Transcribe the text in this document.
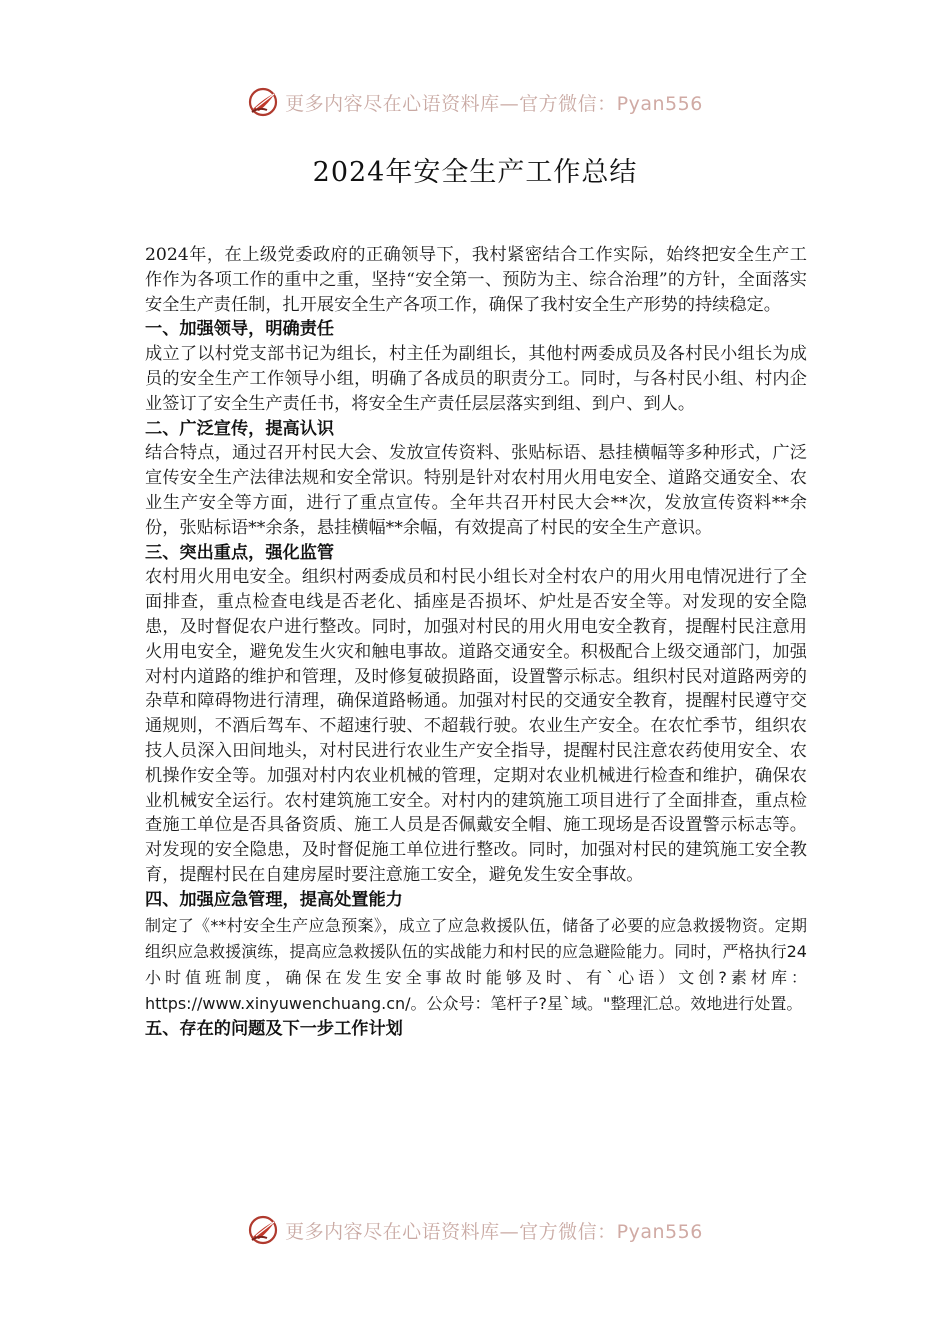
更多内容尽在心语资料库—官方微信：Pyan556
2024年安全生产工作总结

2024年，在上级党委政府的正确领导下，我村紧密结合工作实际，始终把安全生产工作作为各项工作的重中之重，坚持“安全第一、预防为主、综合治理”的方针，全面落实安全生产责任制，扎开展安全生产各项工作，确保了我村安全生产形势的持续稳定。

一、加强领导，明确责任

成立了以村党支部书记为组长，村主任为副组长，其他村两委成员及各村民小组长为成员的安全生产工作领导小组，明确了各成员的职责分工。同时，与各村民小组、村内企业签订了安全生产责任书，将安全生产责任层层落实到组、到户、到人。

二、广泛宣传，提高认识

结合特点，通过召开村民大会、发放宣传资料、张贴标语、悬挂横幅等多种形式，广泛宣传安全生产法律法规和安全常识。特别是针对农村用火用电安全、道路交通安全、农业生产安全等方面，进行了重点宣传。全年共召开村民大会**次，发放宣传资料**余份，张贴标语**余条，悬挂横幅**余幅，有效提高了村民的安全生产意识。

三、突出重点，强化监管

农村用火用电安全。组织村两委成员和村民小组长对全村农户的用火用电情况进行了全面排查，重点检查电线是否老化、插座是否损坏、炉灶是否安全等。对发现的安全隐患，及时督促农户进行整改。同时，加强对村民的用火用电安全教育，提醒村民注意用火用电安全，避免发生火灾和触电事故。道路交通安全。积极配合上级交通部门，加强对村内道路的维护和管理，及时修复破损路面，设置警示标志。组织村民对道路两旁的杂草和障碍物进行清理，确保道路畅通。加强对村民的交通安全教育，提醒村民遵守交通规则，不酒后驾车、不超速行驶、不超载行驶。农业生产安全。在农忙季节，组织农技人员深入田间地头，对村民进行农业生产安全指导，提醒村民注意农药使用安全、农机操作安全等。加强对村内农业机械的管理，定期对农业机械进行检查和维护，确保农业机械安全运行。农村建筑施工安全。对村内的建筑施工项目进行了全面排查，重点检查施工单位是否具备资质、施工人员是否佩戴安全帽、施工现场是否设置警示标志等。对发现的安全隐患，及时督促施工单位进行整改。同时，加强对村民的建筑施工安全教育，提醒村民在自建房屋时要注意施工安全，避免发生安全事故。

四、加强应急管理，提高处置能力

制定了《**村安全生产应急预案》，成立了应急救援队伍，储备了必要的应急救援物资。定期组织应急救援演练，提高应急救援队伍的实战能力和村民的应急避险能力。同时，严格执行24小时值班制度，确保在发生安全事故时能够及时、有`心语）文创?素材库：https://www.xinyuwenchuang.cn/。公众号：笔杆子?星`域。"整理汇总。效地进行处置。

五、存在的问题及下一步工作计划
更多内容尽在心语资料库—官方微信：Pyan556
